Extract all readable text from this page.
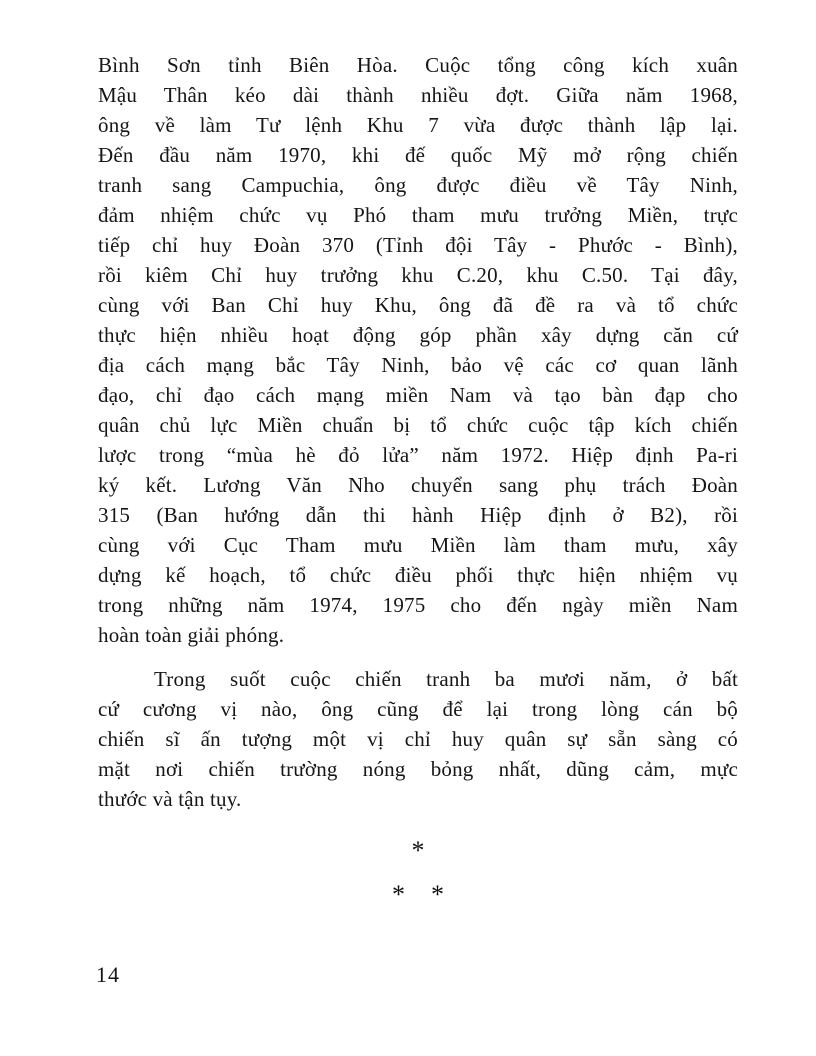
Bình Sơn tỉnh Biên Hòa. Cuộc tổng công kích xuân
Mậu Thân kéo dài thành nhiều đợt. Giữa năm 1968,
ông về làm Tư lệnh Khu 7 vừa được thành lập lại.
Đến đầu năm 1970, khi đế quốc Mỹ mở rộng chiến
tranh sang Campuchia, ông được điều về Tây Ninh,
đảm nhiệm chức vụ Phó tham mưu trưởng Miền, trực
tiếp chỉ huy Đoàn 370 (Tỉnh đội Tây - Phước - Bình),
rồi kiêm Chỉ huy trưởng khu C.20, khu C.50. Tại đây,
cùng với Ban Chỉ huy Khu, ông đã đề ra và tổ chức
thực hiện nhiều hoạt động góp phần xây dựng căn cứ
địa cách mạng bắc Tây Ninh, bảo vệ các cơ quan lãnh
đạo, chỉ đạo cách mạng miền Nam và tạo bàn đạp cho
quân chủ lực Miền chuẩn bị tổ chức cuộc tập kích chiến
lược trong “mùa hè đỏ lửa” năm 1972. Hiệp định Pa-ri
ký kết. Lương Văn Nho chuyển sang phụ trách Đoàn
315 (Ban hướng dẫn thi hành Hiệp định ở B2), rồi
cùng với Cục Tham mưu Miền làm tham mưu, xây
dựng kế hoạch, tổ chức điều phối thực hiện nhiệm vụ
trong những năm 1974, 1975 cho đến ngày miền Nam
hoàn toàn giải phóng.
Trong suốt cuộc chiến tranh ba mươi năm, ở bất
cứ cương vị nào, ông cũng để lại trong lòng cán bộ
chiến sĩ ấn tượng một vị chỉ huy quân sự sẵn sàng có
mặt nơi chiến trường nóng bỏng nhất, dũng cảm, mực
thước và tận tụy.
*
* *
14
